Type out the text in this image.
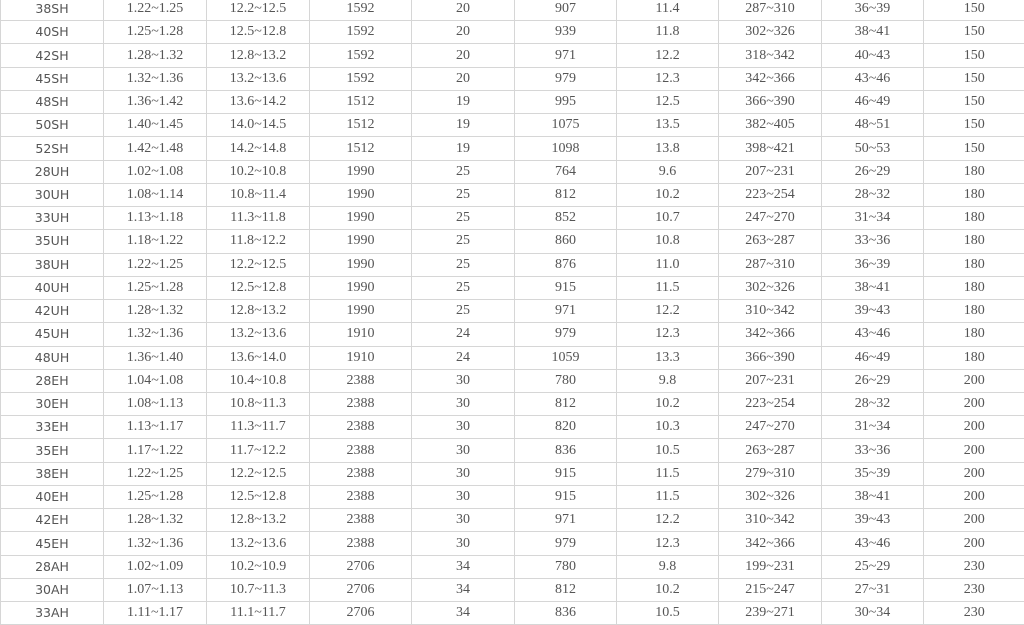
38SH	1.22~1.25	12.2~12.5	1592	20	907	11.4	287~310	36~39	150
40SH	1.25~1.28	12.5~12.8	1592	20	939	11.8	302~326	38~41	150
42SH	1.28~1.32	12.8~13.2	1592	20	971	12.2	318~342	40~43	150
45SH	1.32~1.36	13.2~13.6	1592	20	979	12.3	342~366	43~46	150
48SH	1.36~1.42	13.6~14.2	1512	19	995	12.5	366~390	46~49	150
50SH	1.40~1.45	14.0~14.5	1512	19	1075	13.5	382~405	48~51	150
52SH	1.42~1.48	14.2~14.8	1512	19	1098	13.8	398~421	50~53	150
28UH	1.02~1.08	10.2~10.8	1990	25	764	9.6	207~231	26~29	180
30UH	1.08~1.14	10.8~11.4	1990	25	812	10.2	223~254	28~32	180
33UH	1.13~1.18	11.3~11.8	1990	25	852	10.7	247~270	31~34	180
35UH	1.18~1.22	11.8~12.2	1990	25	860	10.8	263~287	33~36	180
38UH	1.22~1.25	12.2~12.5	1990	25	876	11.0	287~310	36~39	180
40UH	1.25~1.28	12.5~12.8	1990	25	915	11.5	302~326	38~41	180
42UH	1.28~1.32	12.8~13.2	1990	25	971	12.2	310~342	39~43	180
45UH	1.32~1.36	13.2~13.6	1910	24	979	12.3	342~366	43~46	180
48UH	1.36~1.40	13.6~14.0	1910	24	1059	13.3	366~390	46~49	180
28EH	1.04~1.08	10.4~10.8	2388	30	780	9.8	207~231	26~29	200
30EH	1.08~1.13	10.8~11.3	2388	30	812	10.2	223~254	28~32	200
33EH	1.13~1.17	11.3~11.7	2388	30	820	10.3	247~270	31~34	200
35EH	1.17~1.22	11.7~12.2	2388	30	836	10.5	263~287	33~36	200
38EH	1.22~1.25	12.2~12.5	2388	30	915	11.5	279~310	35~39	200
40EH	1.25~1.28	12.5~12.8	2388	30	915	11.5	302~326	38~41	200
42EH	1.28~1.32	12.8~13.2	2388	30	971	12.2	310~342	39~43	200
45EH	1.32~1.36	13.2~13.6	2388	30	979	12.3	342~366	43~46	200
28AH	1.02~1.09	10.2~10.9	2706	34	780	9.8	199~231	25~29	230
30AH	1.07~1.13	10.7~11.3	2706	34	812	10.2	215~247	27~31	230
33AH	1.11~1.17	11.1~11.7	2706	34	836	10.5	239~271	30~34	230
